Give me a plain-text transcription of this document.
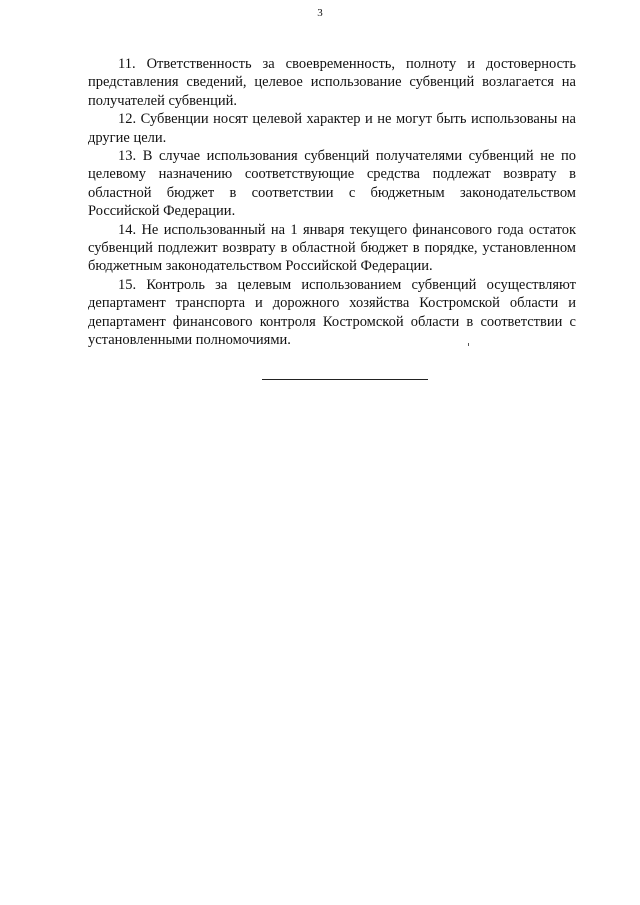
3

11. Ответственность за своевременность, полноту и достоверность представления сведений, целевое использование субвенций возлагается на получателей субвенций.

12. Субвенции носят целевой характер и не могут быть использованы на другие цели.

13. В случае использования субвенций получателями субвенций не по целевому назначению соответствующие средства подлежат возврату в областной бюджет в соответствии с бюджетным законодательством Российской Федерации.

14. Не использованный на 1 января текущего финансового года остаток субвенций подлежит возврату в областной бюджет в порядке, установленном бюджетным законодательством Российской Федерации.

15. Контроль за целевым использованием субвенций осуществляют департамент транспорта и дорожного хозяйства Костромской области и департамент финансового контроля Костромской области в соответствии с установленными полномочиями.
